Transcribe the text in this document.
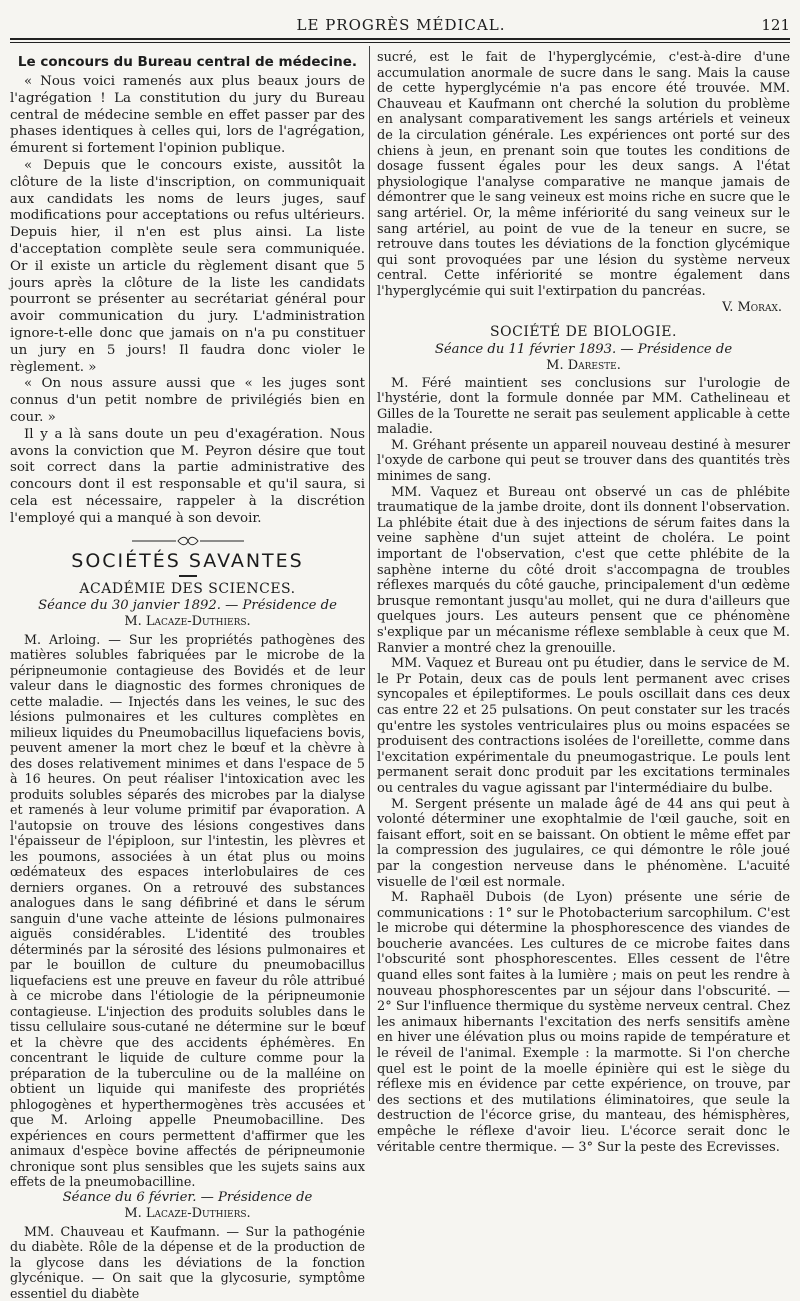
LE PROGRÈS MÉDICAL.	121
Le concours du Bureau central de médecine.

« Nous voici ramenés aux plus beaux jours de l'agrégation ! La constitution du jury du Bureau central de médecine semble en effet passer par des phases identiques à celles qui, lors de l'agrégation, émurent si fortement l'opinion publique.

« Depuis que le concours existe, aussitôt la clôture de la liste d'inscription, on communiquait aux candidats les noms de leurs juges, sauf modifications pour acceptations ou refus ultérieurs. Depuis hier, il n'en est plus ainsi. La liste d'acceptation complète seule sera communiquée. Or il existe un article du règlement disant que 5 jours après la clôture de la liste les candidats pourront se présenter au secrétariat général pour avoir communication du jury. L'administration ignore-t-elle donc que jamais on n'a pu constituer un jury en 5 jours! Il faudra donc violer le règlement. »

« On nous assure aussi que « les juges sont connus d'un petit nombre de privilégiés bien en cour. »

Il y a là sans doute un peu d'exagération. Nous avons la conviction que M. Peyron désire que tout soit correct dans la partie administrative des concours dont il est responsable et qu'il saura, si cela est nécessaire, rappeler à la discrétion l'employé qui a manqué à son devoir.

SOCIÉTÉS SAVANTES
ACADÉMIE DES SCIENCES.
Séance du 30 janvier 1892. — Présidence de
M. Lacaze-Duthiers.

M. Arloing. — Sur les propriétés pathogènes des matières solubles fabriquées par le microbe de la péripneumonie contagieuse des Bovidés et de leur valeur dans le diagnostic des formes chroniques de cette maladie. — Injectés dans les veines, le suc des lésions pulmonaires et les cultures complètes en milieux liquides du Pneumobacillus liquefaciens bovis, peuvent amener la mort chez le bœuf et la chèvre à des doses relativement minimes et dans l'espace de 5 à 16 heures. On peut réaliser l'intoxication avec les produits solubles séparés des microbes par la dialyse et ramenés à leur volume primitif par évaporation. A l'autopsie on trouve des lésions congestives dans l'épaisseur de l'épiploon, sur l'intestin, les plèvres et les poumons, associées à un état plus ou moins œdémateux des espaces interlobulaires de ces derniers organes. On a retrouvé des substances analogues dans le sang défibriné et dans le sérum sanguin d'une vache atteinte de lésions pulmonaires aiguës considérables. L'identité des troubles déterminés par la sérosité des lésions pulmonaires et par le bouillon de culture du pneumobacillus liquefaciens est une preuve en faveur du rôle attribué à ce microbe dans l'étiologie de la péripneumonie contagieuse. L'injection des produits solubles dans le tissu cellulaire sous-cutané ne détermine sur le bœuf et la chèvre que des accidents éphémères. En concentrant le liquide de culture comme pour la préparation de la tuberculine ou de la malléine on obtient un liquide qui manifeste des propriétés phlogogènes et hyperthermogènes très accusées et que M. Arloing appelle Pneumobacilline. Des expériences en cours permettent d'affirmer que les animaux d'espèce bovine affectés de péripneumonie chronique sont plus sensibles que les sujets sains aux effets de la pneumobacilline.

Séance du 6 février. — Présidence de
M. Lacaze-Duthiers.

MM. Chauveau et Kaufmann. — Sur la pathogénie du diabète. Rôle de la dépense et de la production de la glycose dans les déviations de la fonction glycénique. — On sait que la glycosurie, symptôme essentiel du diabète

sucré, est le fait de l'hyperglycémie, c'est-à-dire d'une accumulation anormale de sucre dans le sang. Mais la cause de cette hyperglycémie n'a pas encore été trouvée. MM. Chauveau et Kaufmann ont cherché la solution du problème en analysant comparativement les sangs artériels et veineux de la circulation générale. Les expériences ont porté sur des chiens à jeun, en prenant soin que toutes les conditions de dosage fussent égales pour les deux sangs. A l'état physiologique l'analyse comparative ne manque jamais de démontrer que le sang veineux est moins riche en sucre que le sang artériel. Or, la même infériorité du sang veineux sur le sang artériel, au point de vue de la teneur en sucre, se retrouve dans toutes les déviations de la fonction glycémique qui sont provoquées par une lésion du système nerveux central. Cette infériorité se montre également dans l'hyperglycémie qui suit l'extirpation du pancréas.

V. Morax.
SOCIÉTÉ DE BIOLOGIE.
Séance du 11 février 1893. — Présidence de
M. Dareste.

M. Féré maintient ses conclusions sur l'urologie de l'hystérie, dont la formule donnée par MM. Cathelineau et Gilles de la Tourette ne serait pas seulement applicable à cette maladie.

M. Gréhant présente un appareil nouveau destiné à mesurer l'oxyde de carbone qui peut se trouver dans des quantités très minimes de sang.

MM. Vaquez et Bureau ont observé un cas de phlébite traumatique de la jambe droite, dont ils donnent l'observation. La phlébite était due à des injections de sérum faites dans la veine saphène d'un sujet atteint de choléra. Le point important de l'observation, c'est que cette phlébite de la saphène interne du côté droit s'accompagna de troubles réflexes marqués du côté gauche, principalement d'un œdème brusque remontant jusqu'au mollet, qui ne dura d'ailleurs que quelques jours. Les auteurs pensent que ce phénomène s'explique par un mécanisme réflexe semblable à ceux que M. Ranvier a montré chez la grenouille.

MM. Vaquez et Bureau ont pu étudier, dans le service de M. le Pr Potain, deux cas de pouls lent permanent avec crises syncopales et épileptiformes. Le pouls oscillait dans ces deux cas entre 22 et 25 pulsations. On peut constater sur les tracés qu'entre les systoles ventriculaires plus ou moins espacées se produisent des contractions isolées de l'oreillette, comme dans l'excitation expérimentale du pneumogastrique. Le pouls lent permanent serait donc produit par les excitations terminales ou centrales du vague agissant par l'intermédiaire du bulbe.

M. Sergent présente un malade âgé de 44 ans qui peut à volonté déterminer une exophtalmie de l'œil gauche, soit en faisant effort, soit en se baissant. On obtient le même effet par la compression des jugulaires, ce qui démontre le rôle joué par la congestion nerveuse dans le phénomène. L'acuité visuelle de l'œil est normale.

M. Raphaël Dubois (de Lyon) présente une série de communications : 1° sur le Photobacterium sarcophilum. C'est le microbe qui détermine la phosphorescence des viandes de boucherie avancées. Les cultures de ce microbe faites dans l'obscurité sont phosphorescentes. Elles cessent de l'être quand elles sont faites à la lumière ; mais on peut les rendre à nouveau phosphorescentes par un séjour dans l'obscurité. — 2° Sur l'influence thermique du système nerveux central. Chez les animaux hibernants l'excitation des nerfs sensitifs amène en hiver une élévation plus ou moins rapide de température et le réveil de l'animal. Exemple : la marmotte. Si l'on cherche quel est le point de la moelle épinière qui est le siège du réflexe mis en évidence par cette expérience, on trouve, par des sections et des mutilations éliminatoires, que seule la destruction de l'écorce grise, du manteau, des hémisphères, empêche le réflexe d'avoir lieu. L'écorce serait donc le véritable centre thermique. — 3° Sur la peste des Ecrevisses.
